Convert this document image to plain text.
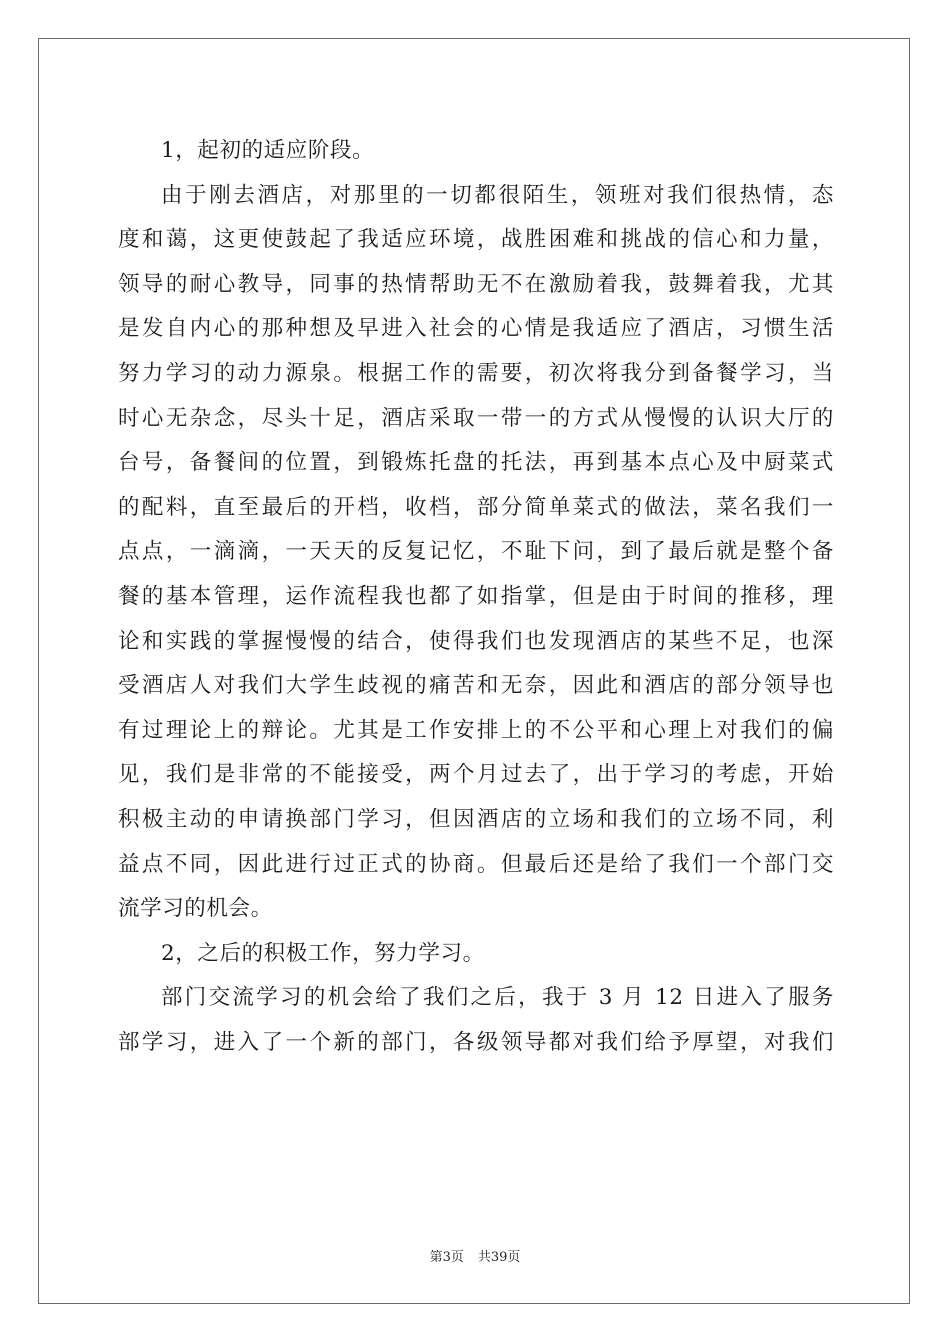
1，起初的适应阶段。
由于刚去酒店，对那里的一切都很陌生，领班对我们很热情，态
度和蔼，这更使鼓起了我适应环境，战胜困难和挑战的信心和力量，
领导的耐心教导，同事的热情帮助无不在激励着我，鼓舞着我，尤其
是发自内心的那种想及早进入社会的心情是我适应了酒店，习惯生活
努力学习的动力源泉。根据工作的需要，初次将我分到备餐学习，当
时心无杂念，尽头十足，酒店采取一带一的方式从慢慢的认识大厅的
台号，备餐间的位置，到锻炼托盘的托法，再到基本点心及中厨菜式
的配料，直至最后的开档，收档，部分简单菜式的做法，菜名我们一
点点，一滴滴，一天天的反复记忆，不耻下问，到了最后就是整个备
餐的基本管理，运作流程我也都了如指掌，但是由于时间的推移，理
论和实践的掌握慢慢的结合，使得我们也发现酒店的某些不足，也深
受酒店人对我们大学生歧视的痛苦和无奈，因此和酒店的部分领导也
有过理论上的辩论。尤其是工作安排上的不公平和心理上对我们的偏
见，我们是非常的不能接受，两个月过去了，出于学习的考虑，开始
积极主动的申请换部门学习，但因酒店的立场和我们的立场不同，利
益点不同，因此进行过正式的协商。但最后还是给了我们一个部门交
流学习的机会。
2，之后的积极工作，努力学习。
部门交流学习的机会给了我们之后，我于 3 月 12 日进入了服务
部学习，进入了一个新的部门，各级领导都对我们给予厚望，对我们
第3页 共39页
